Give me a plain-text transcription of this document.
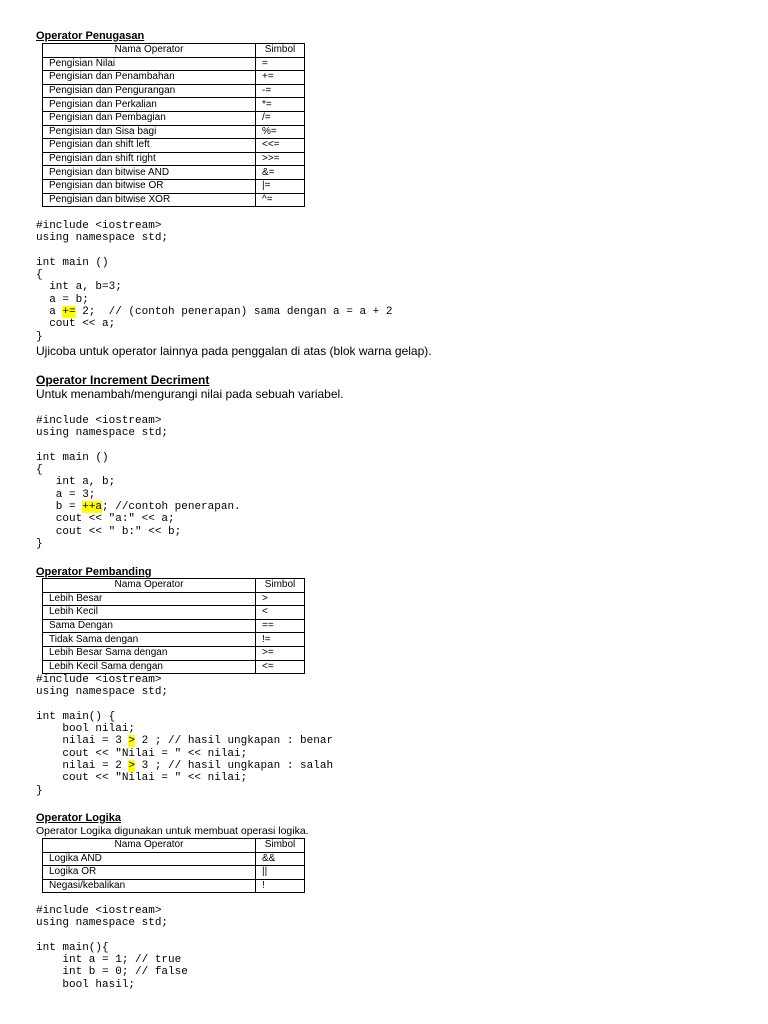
Operator Penugasan
Nama Operator	Simbol
Pengisian Nilai	=
Pengisian dan Penambahan	+=
Pengisian dan Pengurangan	-=
Pengisian dan Perkalian	*=
Pengisian dan Pembagian	/=
Pengisian dan Sisa bagi	%=
Pengisian dan shift left	<<=
Pengisian dan shift right	>>=
Pengisian dan bitwise AND	&=
Pengisian dan bitwise OR	|=
Pengisian dan bitwise XOR	^=
#include <iostream>
using namespace std;

int main ()
{
int a, b=3;
a = b;
a += 2;  // (contoh penerapan) sama dengan a = a + 2
cout << a;
}
Ujicoba untuk operator lainnya pada penggalan di atas (blok warna gelap).
Operator Increment Decriment
Untuk menambah/mengurangi nilai pada sebuah variabel.
#include <iostream>
using namespace std;

int main ()
{
int a, b;
a = 3;
b = ++a; //contoh penerapan.
cout << "a:" << a;
cout << " b:" << b;
}
Operator Pembanding
Nama Operator	Simbol
Lebih Besar	>
Lebih Kecil	<
Sama Dengan	==
Tidak Sama dengan	!=
Lebih Besar Sama dengan	>=
Lebih Kecil Sama dengan	<=
#include <iostream>
using namespace std;

int main() {
bool nilai;
nilai = 3 > 2 ; // hasil ungkapan : benar
cout << "Nilai = " << nilai;
nilai = 2 > 3 ; // hasil ungkapan : salah
cout << "Nilai = " << nilai;
}
Operator Logika
Operator Logika digunakan untuk membuat operasi logika.
Nama Operator	Simbol
Logika AND	&&
Logika OR	||
Negasi/kebalikan	!
#include <iostream>
using namespace std;

int main(){
int a = 1; // true
int b = 0; // false
bool hasil;
